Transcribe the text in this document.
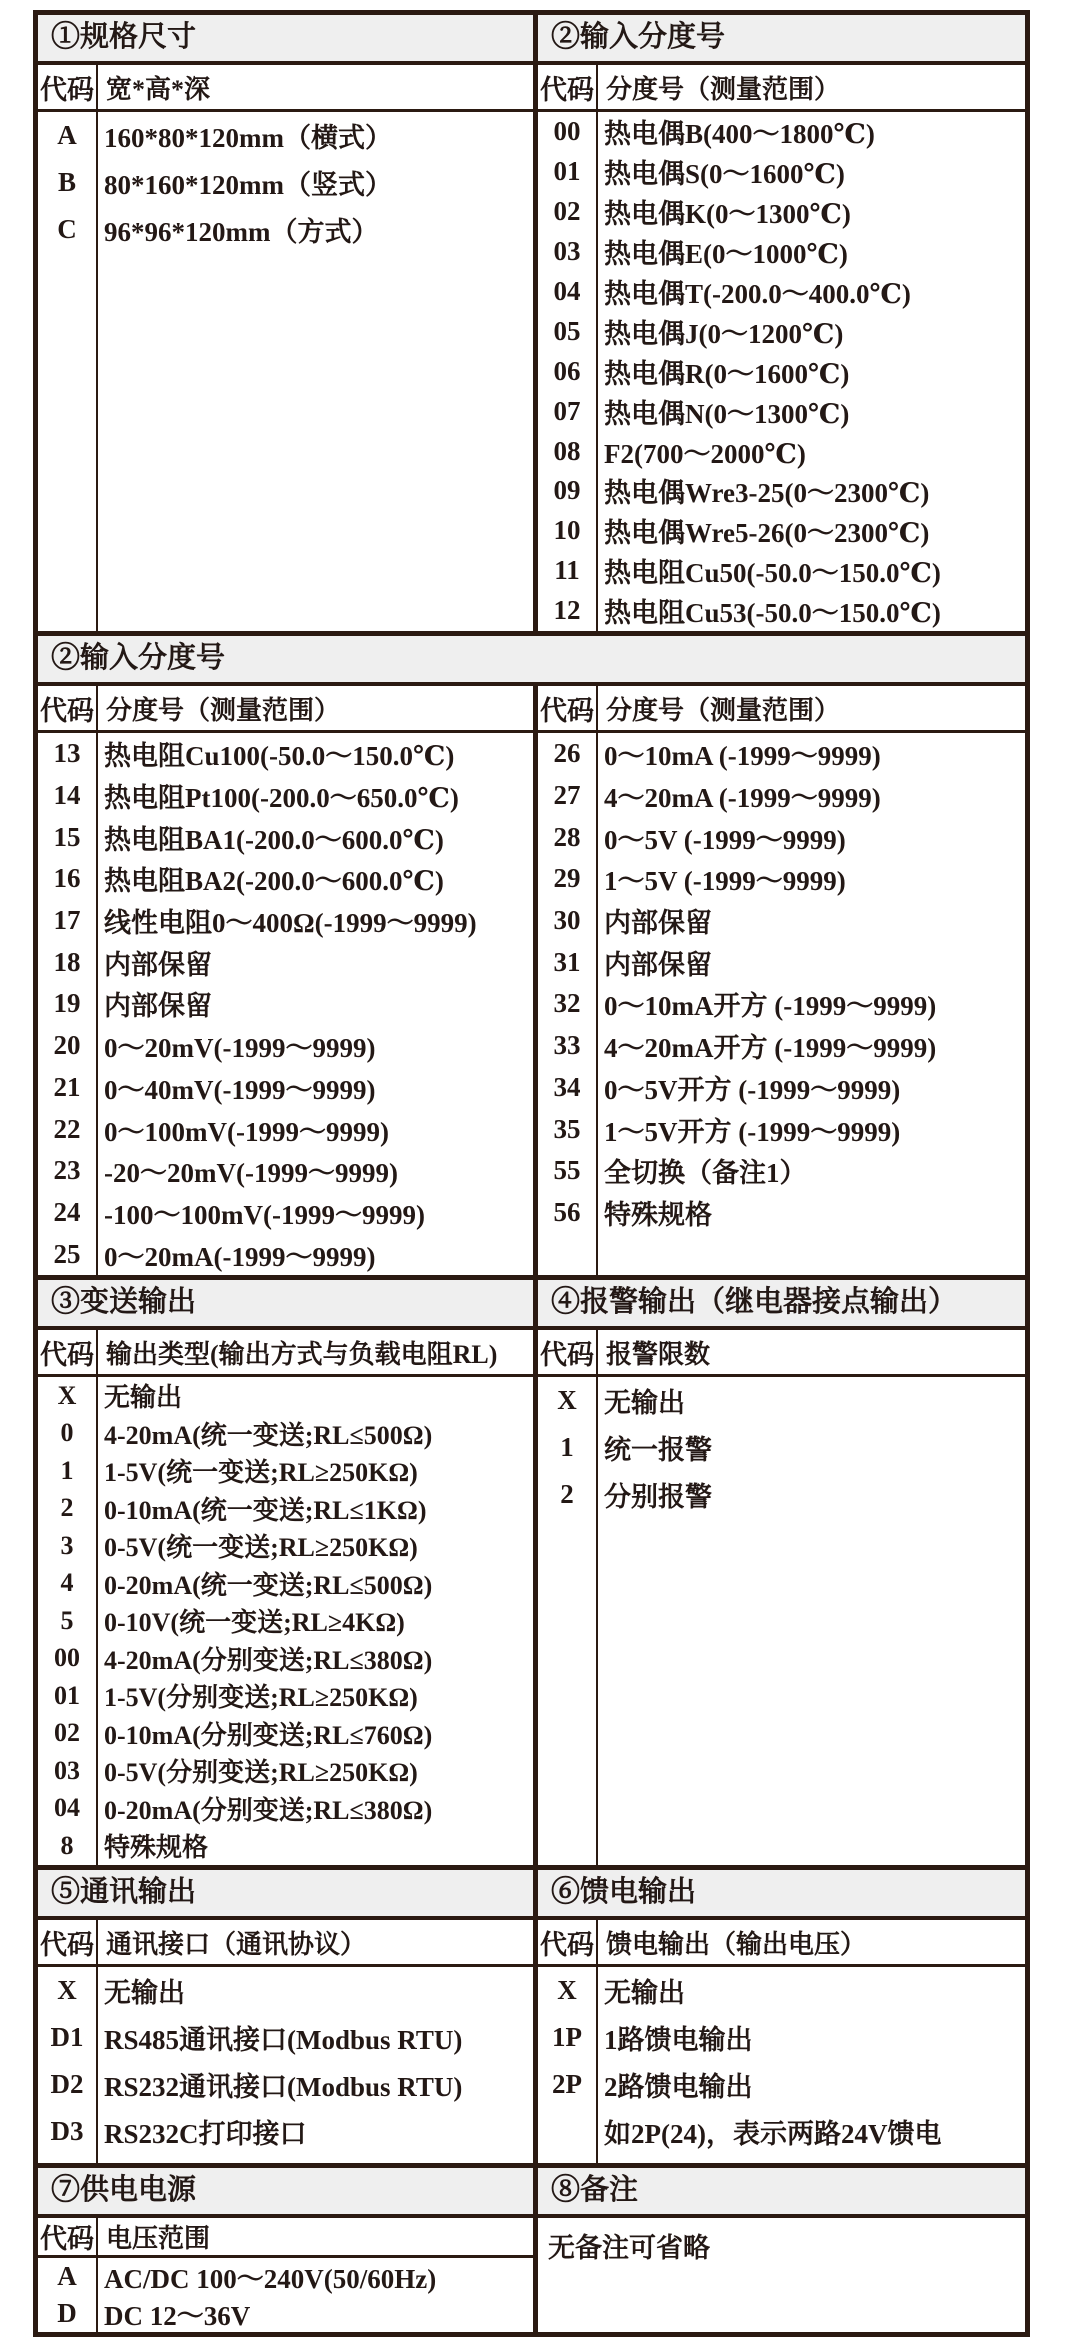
①规格尺寸
代码 宽*高*深
A	160*80*120mm（横式）
B	80*160*120mm（竖式）
C	96*96*120mm（方式）
②输入分度号
代码 分度号（测量范围）
00 热电偶B(400～1800℃)
01 热电偶S(0～1600℃)
02 热电偶K(0～1300℃)
03 热电偶E(0～1000℃)
04 热电偶T(-200.0～400.0℃)
05 热电偶J(0～1200℃)
06 热电偶R(0～1600℃)
07 热电偶N(0～1300℃)
08 F2(700～2000℃)
09 热电偶Wre3-25(0～2300℃)
10 热电偶Wre5-26(0～2300℃)
11 热电阻Cu50(-50.0～150.0℃)
12 热电阻Cu53(-50.0～150.0℃)
②输入分度号
代码 分度号（测量范围）
13 热电阻Cu100(-50.0～150.0℃)
14 热电阻Pt100(-200.0～650.0℃)
15 热电阻BA1(-200.0～600.0℃)
16 热电阻BA2(-200.0～600.0℃)
17 线性电阻0～400Ω(-1999～9999)
18 内部保留
19 内部保留
20 0～20mV(-1999～9999)
21 0～40mV(-1999～9999)
22 0～100mV(-1999～9999)
23 -20～20mV(-1999～9999)
24 -100～100mV(-1999～9999)
25 0～20mA(-1999～9999)
代码 分度号（测量范围）
26 0～10mA (-1999～9999)
27 4～20mA (-1999～9999)
28 0～5V (-1999～9999)
29 1～5V (-1999～9999)
30 内部保留
31 内部保留
32 0～10mA开方 (-1999～9999)
33 4～20mA开方 (-1999～9999)
34 0～5V开方 (-1999～9999)
35 1～5V开方 (-1999～9999)
55 全切换（备注1）
56 特殊规格
③变送输出
代码 输出类型(输出方式与负载电阻RL)
X	无输出
0	4-20mA(统一变送;RL≤500Ω)
1	1-5V(统一变送;RL≥250KΩ)
2	0-10mA(统一变送;RL≤1KΩ)
3	0-5V(统一变送;RL≥250KΩ)
4	0-20mA(统一变送;RL≤500Ω)
5	0-10V(统一变送;RL≥4KΩ)
00 4-20mA(分别变送;RL≤380Ω)
01 1-5V(分别变送;RL≥250KΩ)
02 0-10mA(分别变送;RL≤760Ω)
03 0-5V(分别变送;RL≥250KΩ)
04 0-20mA(分别变送;RL≤380Ω)
8	特殊规格
④报警输出（继电器接点输出）
代码 报警限数
X	无输出
1	统一报警
2	分别报警
⑤通讯输出
代码 通讯接口（通讯协议）
X	无输出
D1 RS485通讯接口(Modbus RTU)
D2 RS232通讯接口(Modbus RTU)
D3 RS232C打印接口
⑥馈电输出
代码 馈电输出（输出电压）
X	无输出
1P 1路馈电输出
2P 2路馈电输出
如2P(24)，表示两路24V馈电
⑦供电电源
代码 电压范围
A	AC/DC 100～240V(50/60Hz)
D	DC 12～36V
⑧备注
无备注可省略
